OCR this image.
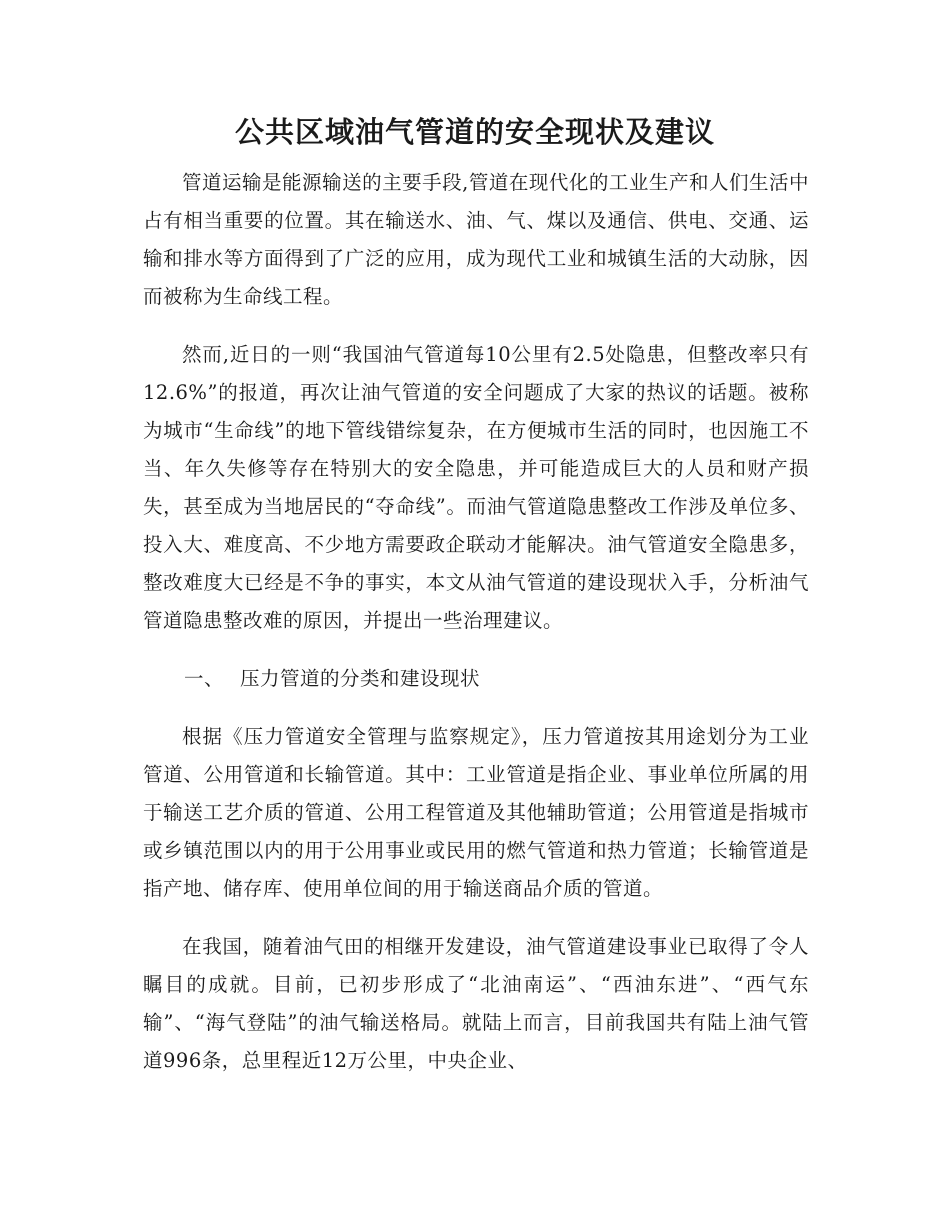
公共区域油气管道的安全现状及建议

管道运输是能源输送的主要手段,管道在现代化的工业生产和人们生活中占有相当重要的位置。其在输送水、油、气、煤以及通信、供电、交通、运输和排水等方面得到了广泛的应用，成为现代工业和城镇生活的大动脉，因而被称为生命线工程。

然而,近日的一则“我国油气管道每10公里有2.5处隐患，但整改率只有12.6%”的报道，再次让油气管道的安全问题成了大家的热议的话题。被称为城市“生命线”的地下管线错综复杂，在方便城市生活的同时，也因施工不当、年久失修等存在特别大的安全隐患，并可能造成巨大的人员和财产损失，甚至成为当地居民的“夺命线”。而油气管道隐患整改工作涉及单位多、投入大、难度高、不少地方需要政企联动才能解决。油气管道安全隐患多，整改难度大已经是不争的事实，本文从油气管道的建设现状入手，分析油气管道隐患整改难的原因，并提出一些治理建议。

一、 压力管道的分类和建设现状

根据《压力管道安全管理与监察规定》，压力管道按其用途划分为工业管道、公用管道和长输管道。其中：工业管道是指企业、事业单位所属的用于输送工艺介质的管道、公用工程管道及其他辅助管道；公用管道是指城市或乡镇范围以内的用于公用事业或民用的燃气管道和热力管道；长输管道是指产地、储存库、使用单位间的用于输送商品介质的管道。

在我国，随着油气田的相继开发建设，油气管道建设事业已取得了令人瞩目的成就。目前，已初步形成了“北油南运”、“西油东进”、“西气东输”、“海气登陆”的油气输送格局。就陆上而言，目前我国共有陆上油气管道996条，总里程近12万公里，中央企业、
